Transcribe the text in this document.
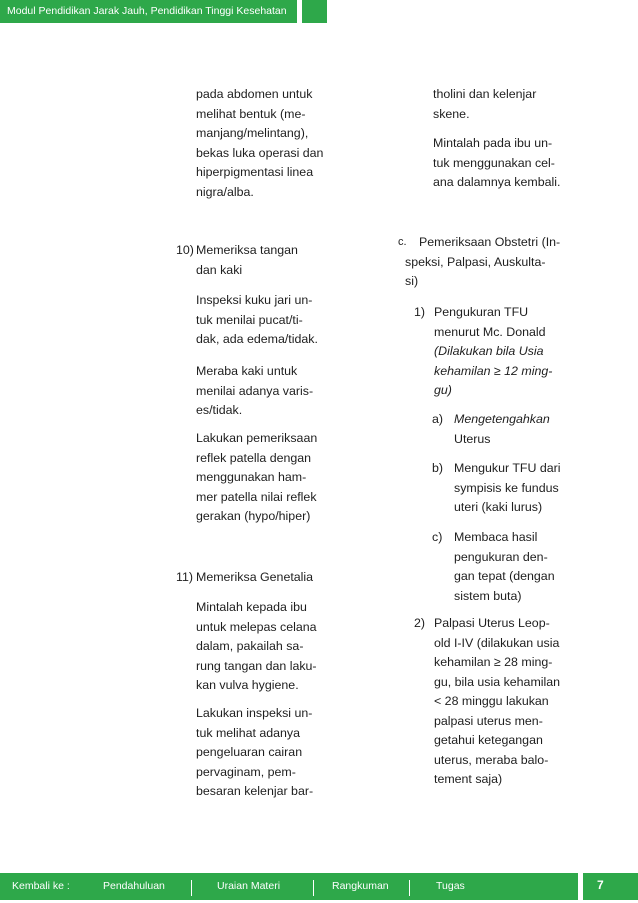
Modul Pendidikan Jarak Jauh, Pendidikan Tinggi Kesehatan
pada abdomen untuk
melihat bentuk (me-
manjang/melintang),
bekas luka operasi dan
hiperpigmentasi linea
nigra/alba.
10) Memeriksa tangan
dan kaki
Inspeksi kuku jari un-
tuk menilai pucat/ti-
dak, ada edema/tidak.
Meraba kaki untuk
menilai adanya varis-
es/tidak.
Lakukan pemeriksaan
reflek patella dengan
menggunakan ham-
mer patella nilai reflek
gerakan (hypo/hiper)
11) Memeriksa Genetalia
Mintalah kepada ibu
untuk melepas celana
dalam, pakailah sa-
rung tangan dan laku-
kan vulva hygiene.
Lakukan inspeksi un-
tuk melihat adanya
pengeluaran cairan
pervaginam, pem-
besaran kelenjar bar-
tholini dan kelenjar
skene.
Mintalah pada ibu un-
tuk menggunakan cel-
ana dalamnya kembali.
c. Pemeriksaan Obstetri (In-
speksi, Palpasi, Auskulta-
si)
1) Pengukuran TFU
menurut Mc. Donald
(Dilakukan bila Usia
kehamilan ≥ 12 ming-
gu)
a) Mengetengahkan
Uterus
b) Mengukur TFU dari
sympisis ke fundus
uteri (kaki lurus)
c) Membaca hasil
pengukuran den-
gan tepat (dengan
sistem buta)
2) Palpasi Uterus Leop-
old I-IV (dilakukan usia
kehamilan ≥ 28 ming-
gu, bila usia kehamilan
< 28 minggu lakukan
palpasi uterus men-
getahui ketegangan
uterus, meraba balo-
tement saja)
Kembali ke :	Pendahuluan	Uraian Materi	Rangkuman	Tugas	7
